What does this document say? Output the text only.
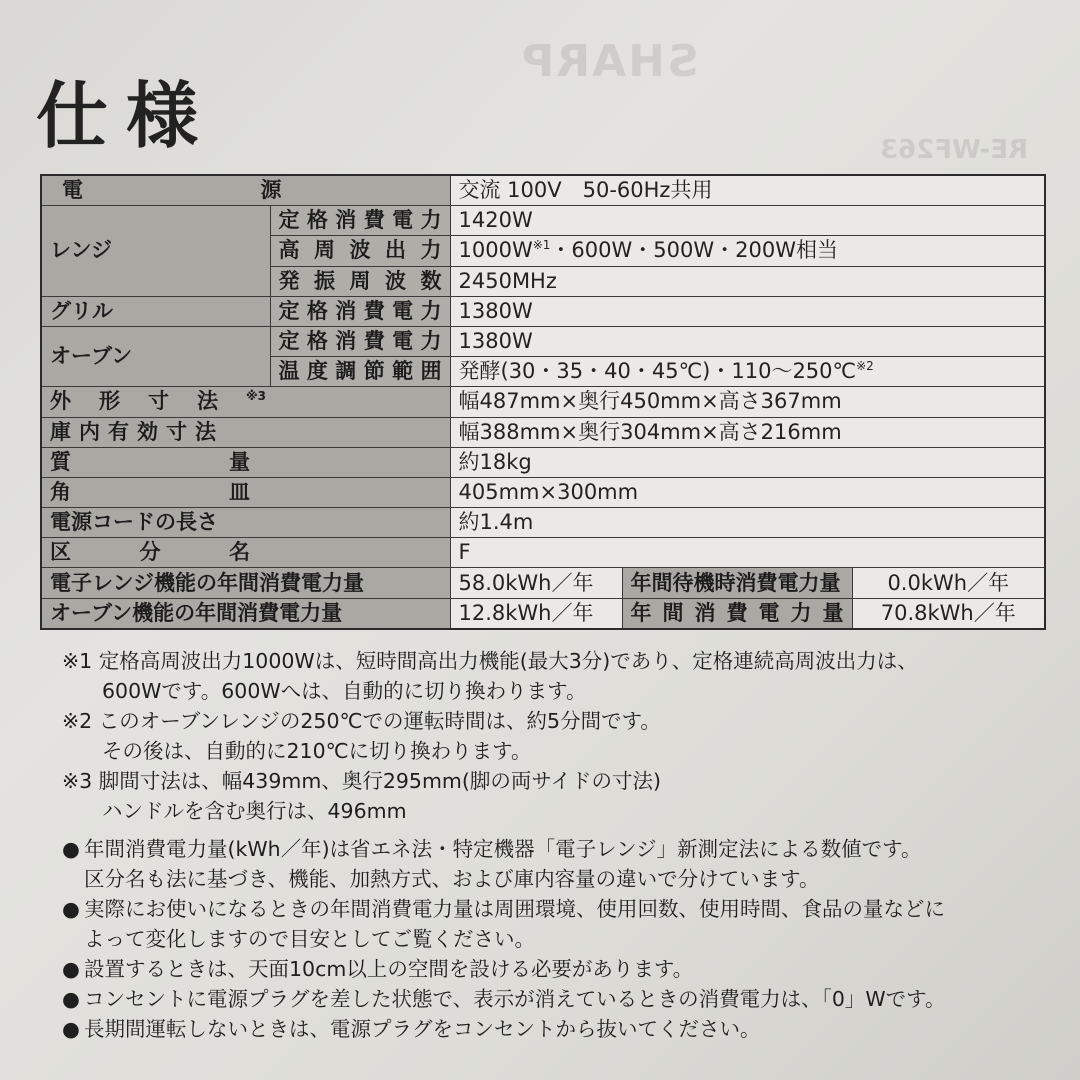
SHARP
RE-WF263
仕様
電 源		交流 100V　50-60Hz共用		
レンジ	定格消費電力	1420W		
	高周波出力	$1000W^{※1}$・600W・500W・200W相当		
	発振周波数	2450MHz		
グリル	定格消費電力	1380W		
オーブン	定格消費電力	1380W		
	温度調節範囲	発酵(30・35・40・45℃)・110～250℃$^{※2}$
外形寸法$^{※3}$		幅487mm×奥行450mm×高さ367mm		
庫内有効寸法		幅388mm×奥行304mm×高さ216mm		

質量		約18kg		

角皿		405mm×300mm		
電源コードの長さ		約1.4m		

区分名		F		
電子レンジ機能の年間消費電力量		58.0kWh／年	年間待機時消費電力量	0.0kWh／年
オーブン機能の年間消費電力量		12.8kWh／年	年間消費電力量	70.8kWh／年
※1 定格高周波出力1000Wは、短時間高出力機能(最大3分)であり、定格連続高周波出力は、
600Wです。600Wへは、自動的に切り換わります。
※2 このオーブンレンジの250℃での運転時間は、約5分間です。
その後は、自動的に210℃に切り換わります。
※3 脚間寸法は、幅439mm、奥行295mm(脚の両サイドの寸法)
ハンドルを含む奥行は、496mm
● 年間消費電力量(kWh／年)は省エネ法・特定機器「電子レンジ」新測定法による数値です。
区分名も法に基づき、機能、加熱方式、および庫内容量の違いで分けています。
● 実際にお使いになるときの年間消費電力量は周囲環境、使用回数、使用時間、食品の量などに
よって変化しますので目安としてご覧ください。
● 設置するときは、天面10cm以上の空間を設ける必要があります。
● コンセントに電源プラグを差した状態で、表示が消えているときの消費電力は、「0」Wです。
● 長期間運転しないときは、電源プラグをコンセントから抜いてください。
